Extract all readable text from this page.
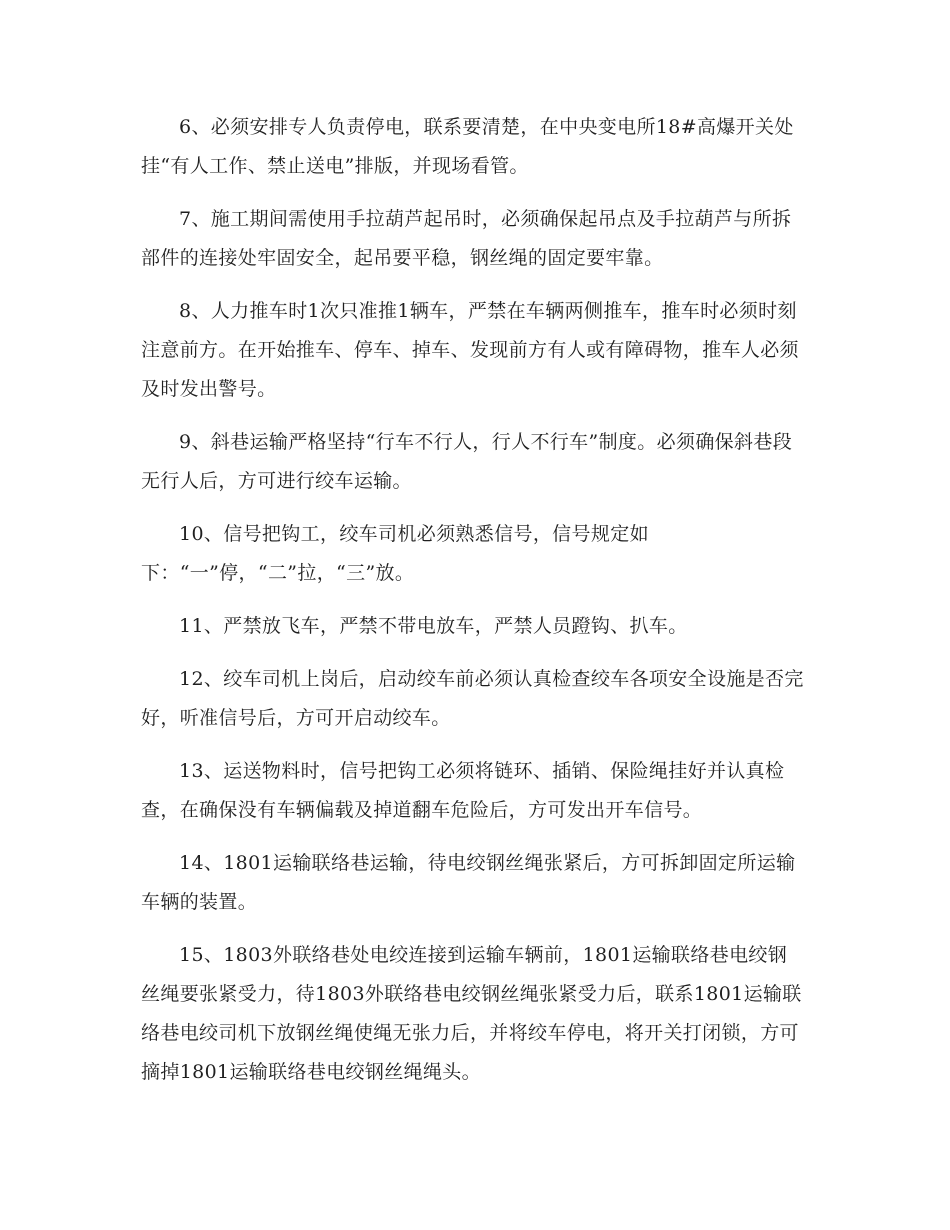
6、必须安排专人负责停电，联系要清楚，在中央变电所18#高爆开关处挂“有人工作、禁止送电”排版，并现场看管。

7、施工期间需使用手拉葫芦起吊时，必须确保起吊点及手拉葫芦与所拆部件的连接处牢固安全，起吊要平稳，钢丝绳的固定要牢靠。

8、人力推车时1次只准推1辆车，严禁在车辆两侧推车，推车时必须时刻注意前方。在开始推车、停车、掉车、发现前方有人或有障碍物，推车人必须及时发出警号。

9、斜巷运输严格坚持“行车不行人，行人不行车”制度。必须确保斜巷段无行人后，方可进行绞车运输。

10、信号把钩工，绞车司机必须熟悉信号，信号规定如下：“一”停，“二”拉，“三”放。

11、严禁放飞车，严禁不带电放车，严禁人员蹬钩、扒车。

12、绞车司机上岗后，启动绞车前必须认真检查绞车各项安全设施是否完好，听准信号后，方可开启动绞车。

13、运送物料时，信号把钩工必须将链环、插销、保险绳挂好并认真检查，在确保没有车辆偏载及掉道翻车危险后，方可发出开车信号。

14、1801运输联络巷运输，待电绞钢丝绳张紧后，方可拆卸固定所运输车辆的装置。

15、1803外联络巷处电绞连接到运输车辆前，1801运输联络巷电绞钢丝绳要张紧受力，待1803外联络巷电绞钢丝绳张紧受力后，联系1801运输联络巷电绞司机下放钢丝绳使绳无张力后，并将绞车停电，将开关打闭锁，方可摘掉1801运输联络巷电绞钢丝绳绳头。
